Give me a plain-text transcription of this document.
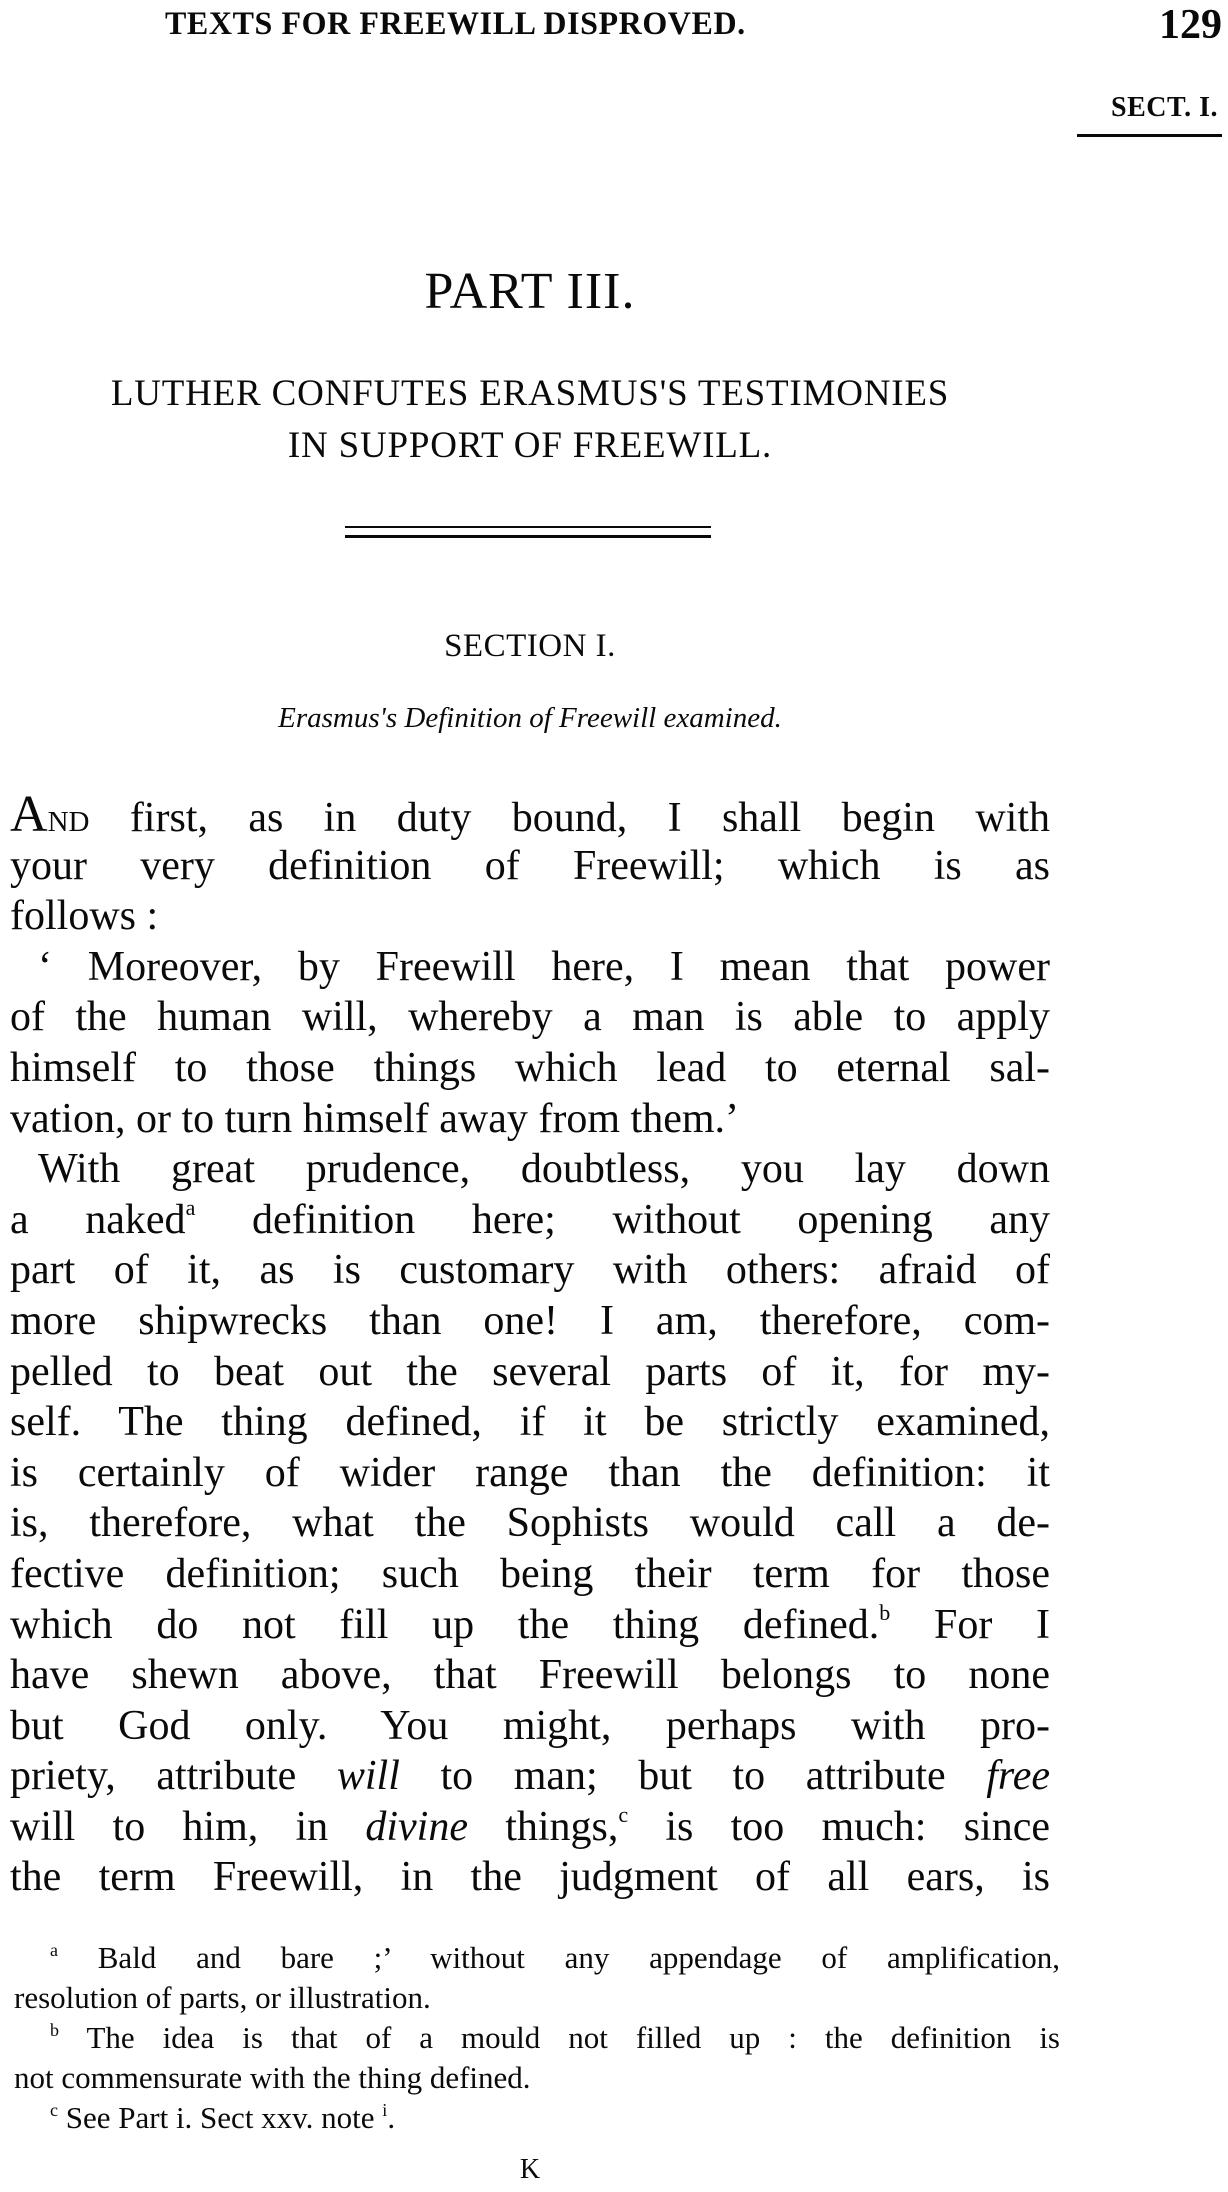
TEXTS FOR FREEWILL DISPROVED.	129
SECT. I.
PART III.
LUTHER CONFUTES ERASMUS'S TESTIMONIES
IN SUPPORT OF FREEWILL.
SECTION I.
Erasmus's Definition of Freewill examined.
And first, as in duty bound, I shall begin with
your very definition of Freewill; which is as
follows :
‘ Moreover, by Freewill here, I mean that power
of the human will, whereby a man is able to apply
himself to those things which lead to eternal sal-
vation, or to turn himself away from them.’
With great prudence, doubtless, you lay down
a naked$^a$ definition here; without opening any
part of it, as is customary with others: afraid of
more shipwrecks than one! I am, therefore, com-
pelled to beat out the several parts of it, for my-
self. The thing defined, if it be strictly examined,
is certainly of wider range than the definition: it
is, therefore, what the Sophists would call a de-
fective definition; such being their term for those
which do not fill up the thing defined.$^b$ For I
have shewn above, that Freewill belongs to none
but God only. You might, perhaps with pro-
priety, attribute will to man; but to attribute free
will to him, in divine things,$^c$ is too much: since
the term Freewill, in the judgment of all ears, is
$^a$ Bald and bare ;’ without any appendage of amplification,
resolution of parts, or illustration.
$^b$ The idea is that of a mould not filled up : the definition is
not commensurate with the thing defined.
$^c$ See Part i. Sect xxv. note $^i$.
K
